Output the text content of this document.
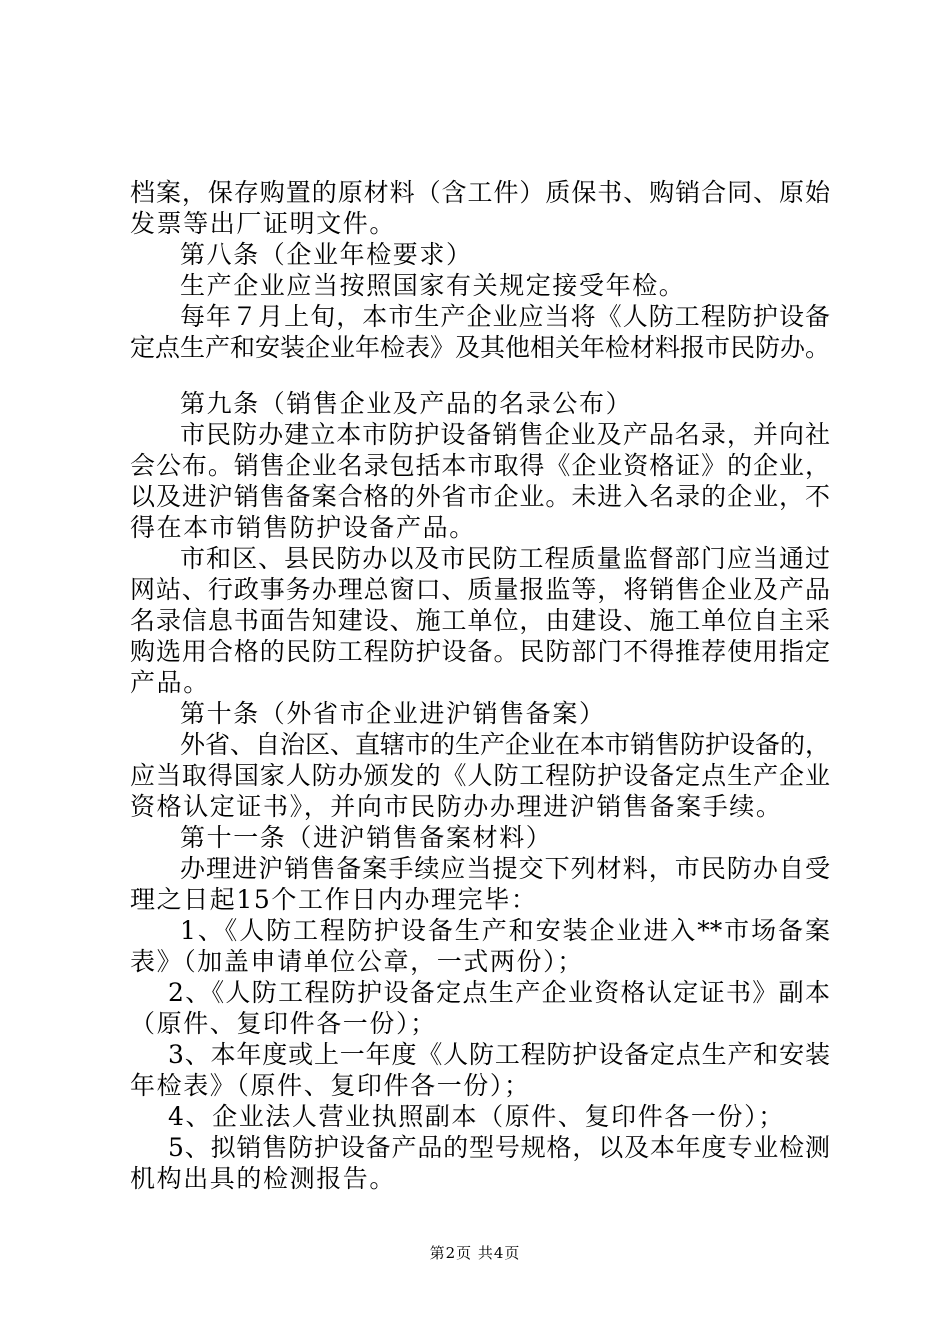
档案，保存购置的原材料（含工件）质保书、购销合同、原始
发票等出厂证明文件。
第八条（企业年检要求）
生产企业应当按照国家有关规定接受年检。
每年７月上旬，本市生产企业应当将《人防工程防护设备
定点生产和安装企业年检表》及其他相关年检材料报市民防办。
第九条（销售企业及产品的名录公布）
市民防办建立本市防护设备销售企业及产品名录，并向社
会公布。销售企业名录包括本市取得《企业资格证》的企业，
以及进沪销售备案合格的外省市企业。未进入名录的企业，不
得在本市销售防护设备产品。
市和区、县民防办以及市民防工程质量监督部门应当通过
网站、行政事务办理总窗口、质量报监等，将销售企业及产品
名录信息书面告知建设、施工单位，由建设、施工单位自主采
购选用合格的民防工程防护设备。民防部门不得推荐使用指定
产品。
第十条（外省市企业进沪销售备案）
外省、自治区、直辖市的生产企业在本市销售防护设备的，
应当取得国家人防办颁发的《人防工程防护设备定点生产企业
资格认定证书》，并向市民防办办理进沪销售备案手续。
第十一条（进沪销售备案材料）
办理进沪销售备案手续应当提交下列材料，市民防办自受
理之日起15个工作日内办理完毕：
1、《人防工程防护设备生产和安装企业进入**市场备案
表》（加盖申请单位公章，一式两份）；
2、《人防工程防护设备定点生产企业资格认定证书》副本
（原件、复印件各一份）；
3、本年度或上一年度《人防工程防护设备定点生产和安装
年检表》（原件、复印件各一份）；
4、企业法人营业执照副本（原件、复印件各一份）；
5、拟销售防护设备产品的型号规格，以及本年度专业检测
机构出具的检测报告。
第2页 共4页
